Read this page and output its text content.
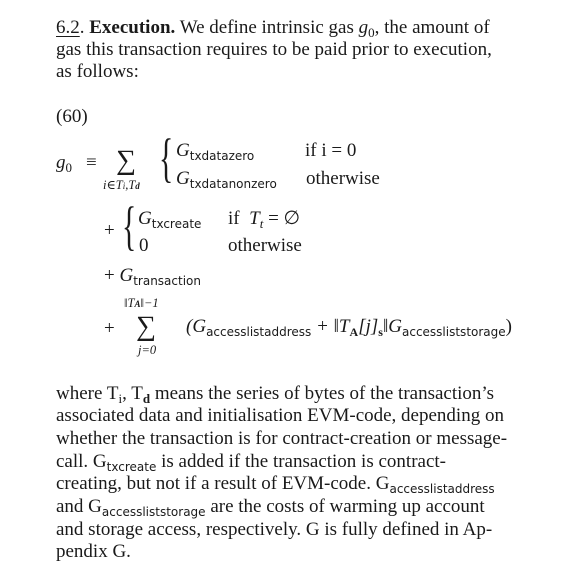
6.2. Execution. We define intrinsic gas $g_0$, the amount of
gas this transaction requires to be paid prior to execution,
as follows:
(60)
$g_0$ ≡ ∑
i∈Ti,Td { $G_{txdatazero}$	if i = 0
$G_{txdatanonzero}$ otherwise
+ { $G_{txcreate}$ if $T_t$ = ∅
0	otherwise
+ $G_{transaction}$
‖TA‖−1
+ ∑
j=0
($G_{accesslistaddress}$ + $‖T_A[j]_s‖G_{accessliststorage}$)
where $T_i$, $T_d$ means the series of bytes of the transaction’s
associated data and initialisation EVM-code, depending on
whether the transaction is for contract-creation or message-
call. $G_{txcreate}$ is added if the transaction is contract-
creating, but not if a result of EVM-code. $G_{accesslistaddress}$
and $G_{accessliststorage}$ are the costs of warming up account
and storage access, respectively. G is fully defined in Ap-
pendix G.
